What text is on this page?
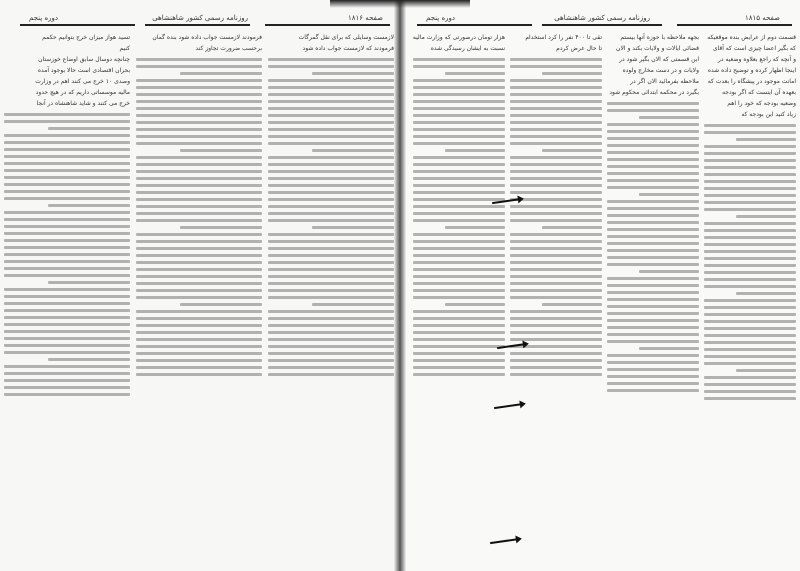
صفحه ۱۸۱۶
روزنامه رسمی کشور شاهنشاهی
دوره پنجم
لازمست وسایلی که برای نقل گمرگات
فرمودند که لازمست جواب داده شود
فرمودند لازمست جواب داده شود بنده گمان
برحسب ضرورت تجاوز کند
تسید هواز میزان خرج بتوانیم حکمم
کنیم
چنانچه دوسال سابق اوضاع خوزستان
بحران اقتصادی است حالا بوجود آمده
وصدی ۱۰ خرج می کنند اهم در وزارت
مالیه موسساتی داریم که در هیچ حدود
خرج می کنند و شاید شاهنشاه در آنجا
صفحه ۱۸۱۵
روزنامه رسمی کشور شاهنشاهی
دوره پنجم
قسمت دوم از عرایض بنده موقعیکه
که بگیر اعضا چیزی است که آقای
و آنچه که راجع بعلاوه وضعیه در
اینجا اظهار کرده و توضیح داده شده
امانت موجود در پیشگاه را بعدت که
بعهده آن اینست که اگر بودجه
وضعیه بودجه که خود را اهم
زیاد کنید این بودجه که
بجهه ملاحظه با حوزه آنها بیستم
قضائی ایالات و ولایات بکند و الان
این قسمتی که الان بگیر شود در
ولایات و در دست مخارج ولوده
ملاحظه بفرمائید الان اگر در
بگیرد در محکمه ابتدائی محکوم شود
تقی تا ۴۰۰ نفر را کرد استخدام
تا حال عرض کردم
هزار تومان درصورتی که وزارت مالیه
نسبت به ایشان رسیدگی شده
